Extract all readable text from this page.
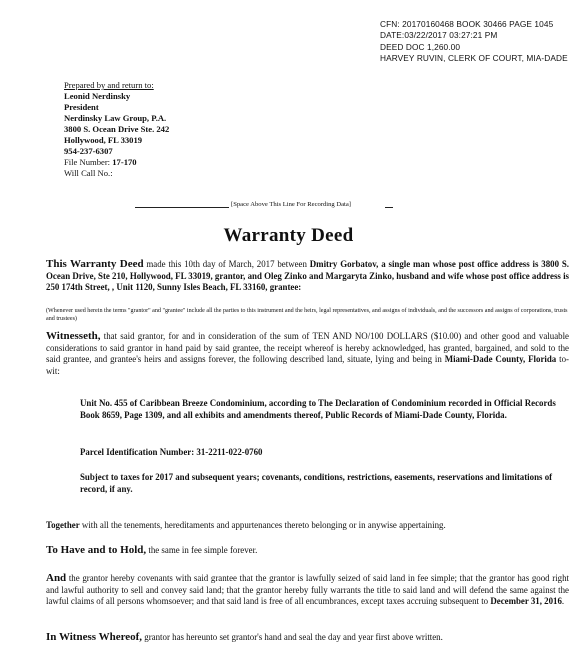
CFN: 20170160468 BOOK 30466 PAGE 1045
DATE:03/22/2017 03:27:21 PM
DEED DOC 1,260.00
HARVEY RUVIN, CLERK OF COURT, MIA-DADE
Prepared by and return to:
Leonid Nerdinsky
President
Nerdinsky Law Group, P.A.
3800 S. Ocean Drive Ste. 242
Hollywood, FL 33019
954-237-6307
File Number: 17-170
Will Call No.:
[Space Above This Line For Recording Data]
Warranty Deed
This Warranty Deed made this 10th day of March, 2017 between Dmitry Gorbatov, a single man whose post office address is 3800 S. Ocean Drive, Ste 210, Hollywood, FL 33019, grantor, and Oleg Zinko and Margaryta Zinko, husband and wife whose post office address is 250 174th Street, , Unit 1120, Sunny Isles Beach, FL 33160, grantee:
(Whenever used herein the terms "grantor" and "grantee" include all the parties to this instrument and the heirs, legal representatives, and assigns of individuals, and the successors and assigns of corporations, trusts and trustees)
Witnesseth, that said grantor, for and in consideration of the sum of TEN AND NO/100 DOLLARS ($10.00) and other good and valuable considerations to said grantor in hand paid by said grantee, the receipt whereof is hereby acknowledged, has granted, bargained, and sold to the said grantee, and grantee's heirs and assigns forever, the following described land, situate, lying and being in Miami-Dade County, Florida to-wit:
Unit No. 455 of Caribbean Breeze Condominium, according to The Declaration of Condominium recorded in Official Records Book 8659, Page 1309, and all exhibits and amendments thereof, Public Records of Miami-Dade County, Florida.
Parcel Identification Number: 31-2211-022-0760
Subject to taxes for 2017 and subsequent years; covenants, conditions, restrictions, easements, reservations and limitations of record, if any.
Together with all the tenements, hereditaments and appurtenances thereto belonging or in anywise appertaining.
To Have and to Hold, the same in fee simple forever.
And the grantor hereby covenants with said grantee that the grantor is lawfully seized of said land in fee simple; that the grantor has good right and lawful authority to sell and convey said land; that the grantor hereby fully warrants the title to said land and will defend the same against the lawful claims of all persons whomsoever; and that said land is free of all encumbrances, except taxes accruing subsequent to December 31, 2016.
In Witness Whereof, grantor has hereunto set grantor's hand and seal the day and year first above written.
